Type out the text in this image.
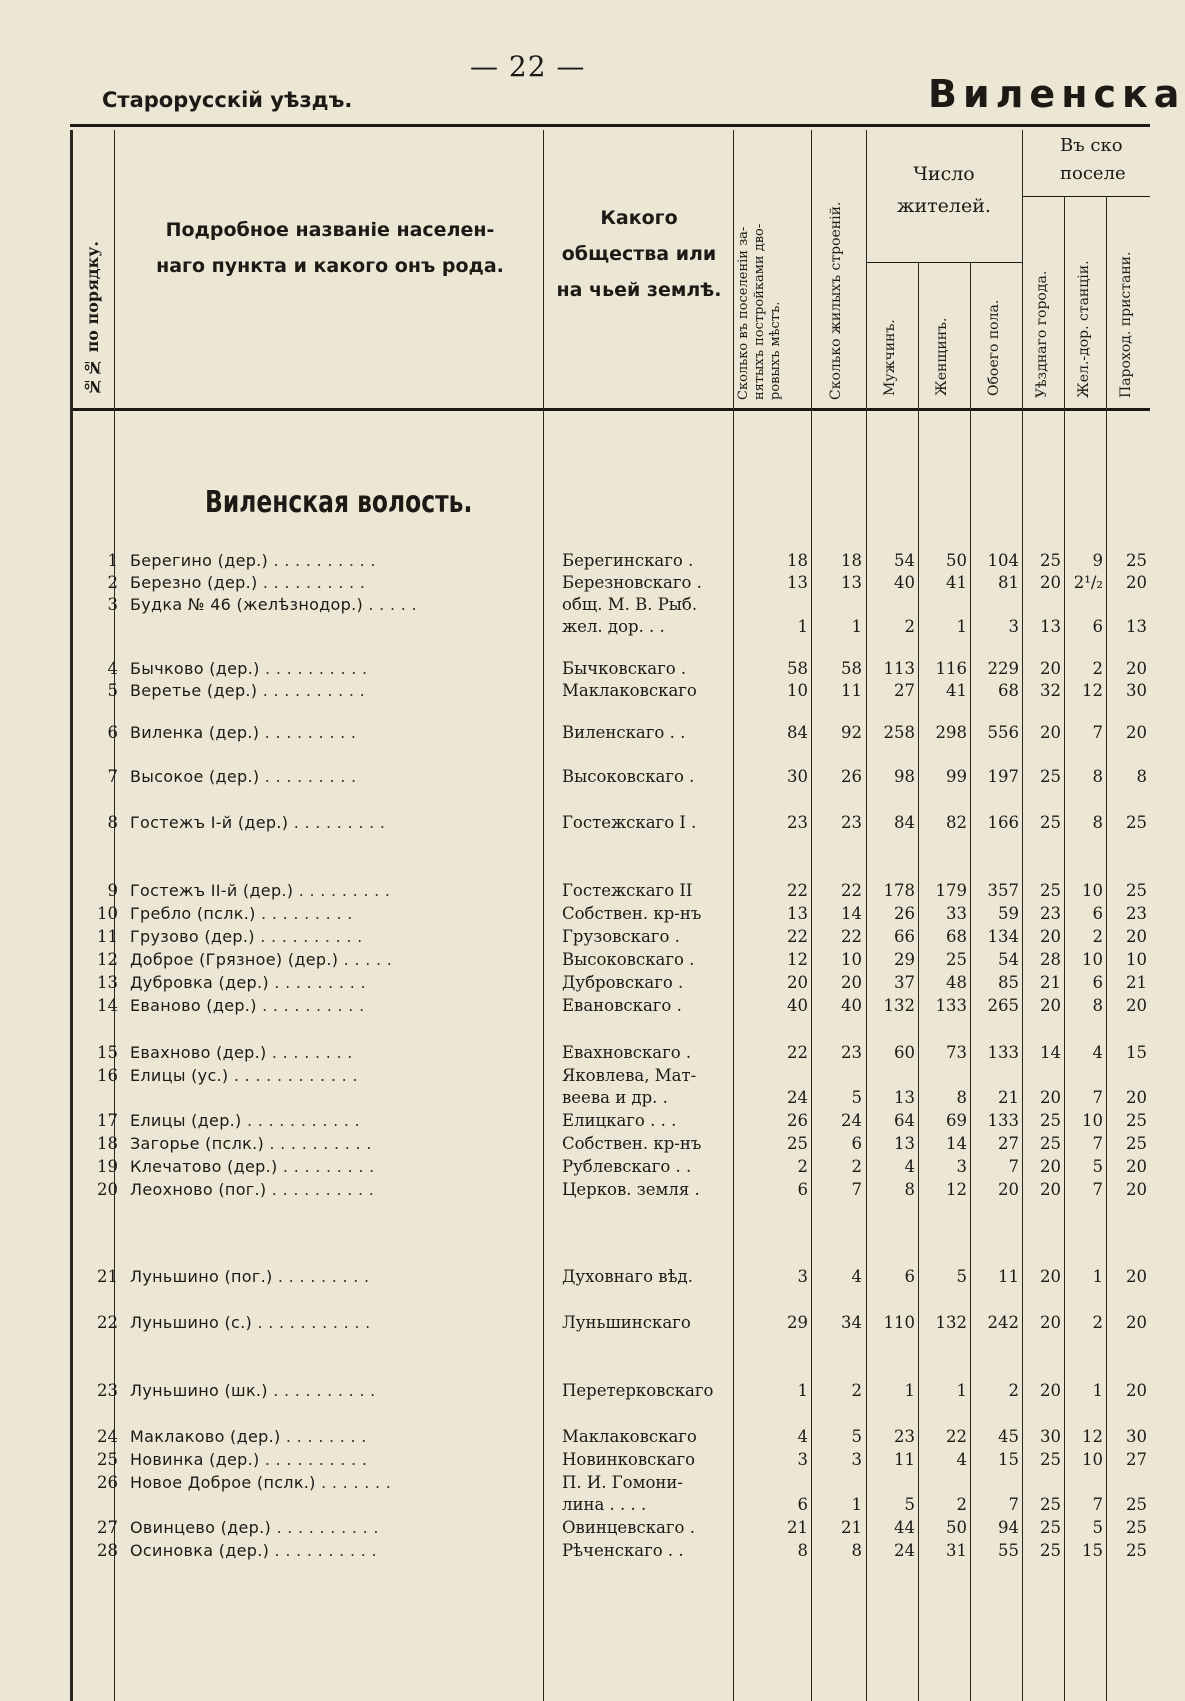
— 22 —
Старорусскій уѣздъ.	Виленска
№№ по порядку.
Подробное названіе населен-
наго пункта и какого онъ рода.
Какого
общества или
на чьей землѣ.
Сколько въ поселеніи за-
нятыхъ постройками дво-
ровыхъ мѣстъ.	Сколько жилыхъ строеній.
Число
жителей.
Мужчинъ.	Женщинъ.	Обоего пола.
Въ ско
поселе
Уѣзднаго города. Жел.-дор. станціи. Пароход. пристани.
Виленская волость.
1 Берегино (дер.) . . . . . . . . . .	Берегинскаго .	18 18 54 50 104 25 9 25
2 Березно (дер.) . . . . . . . . . .	Березновскаго .	13 13 40 41 81 20 2¹/₂ 20
3 Будка № 46 (желѣзнодор.) . . . . .	общ. М. В. Рыб.
жел. дор. . .	1	1	2	1	3 13 6 13
4 Бычково (дер.) . . . . . . . . . .	Бычковскаго .	58 58 113 116 229 20 2 20
5 Веретье (дер.) . . . . . . . . . .	Маклаковскаго	10 11 27 41 68 32 12 30
6 Виленка (дер.) . . . . . . . . .	Виленскаго . .	84 92 258 298 556 20 7 20
7 Высокое (дер.) . . . . . . . . .	Высоковскаго .	30 26 98 99 197 25 8 8
8 Гостежъ І-й (дер.) . . . . . . . . .	Гостежскаго І .	23 23 84 82 166 25 8 25
9 Гостежъ ІІ-й (дер.) . . . . . . . . .	Гостежскаго ІІ	22 22 178 179 357 25 10 25
10 Гребло (пслк.) . . . . . . . . .	Собствен. кр-нъ	13 14 26 33 59 23 6 23
11 Грузово (дер.) . . . . . . . . . .	Грузовскаго .	22 22 66 68 134 20 2 20
12 Доброе (Грязное) (дер.) . . . . .	Высоковскаго .	12 10 29 25 54 28 10 10
13 Дубровка (дер.) . . . . . . . . .	Дубровскаго .	20 20 37 48 85 21 6 21
14 Еваново (дер.) . . . . . . . . . .	Евановскаго .	40 40 132 133 265 20 8 20
15 Евахново (дер.) . . . . . . . .	Евахновскаго .	22 23 60 73 133 14 4 15
16 Елицы (ус.) . . . . . . . . . . . .	Яковлева, Мат-
веева и др. .	24	5 13	8 21 20 7 20
17 Елицы (дер.) . . . . . . . . . . .	Елицкаго . . .	26 24 64 69 133 25 10 25
18 Загорье (пслк.) . . . . . . . . . .	Собствен. кр-нъ	25	6 13 14 27 25 7 25
19 Клечатово (дер.) . . . . . . . . .	Рублевскаго . .	2	2	4	3	7 20 5 20
20 Леохново (пог.) . . . . . . . . . .	Церков. земля .	6	7	8 12 20 20 7 20
21 Луньшино (пог.) . . . . . . . . .	Духовнаго вѣд.	3	4	6	5 11 20 1 20
22 Луньшино (с.) . . . . . . . . . . .	Луньшинскаго	29 34 110 132 242 20 2 20
23 Луньшино (шк.) . . . . . . . . . .	Перетерковскаго	1	2	1	1	2 20 1 20
24 Маклаково (дер.) . . . . . . . .	Маклаковскаго	4	5 23 22 45 30 12 30
25 Новинка (дер.) . . . . . . . . . .	Новинковскаго	3	3 11	4 15 25 10 27
26 Новое Доброе (пслк.) . . . . . . .	П. И. Гомони-
лина . . . .	6	1	5	2	7 25 7 25
27 Овинцево (дер.) . . . . . . . . . .	Овинцевскаго .	21 21 44 50 94 25 5 25
28 Осиновка (дер.) . . . . . . . . . .	Рѣченскаго . .	8	8 24 31 55 25 15 25
